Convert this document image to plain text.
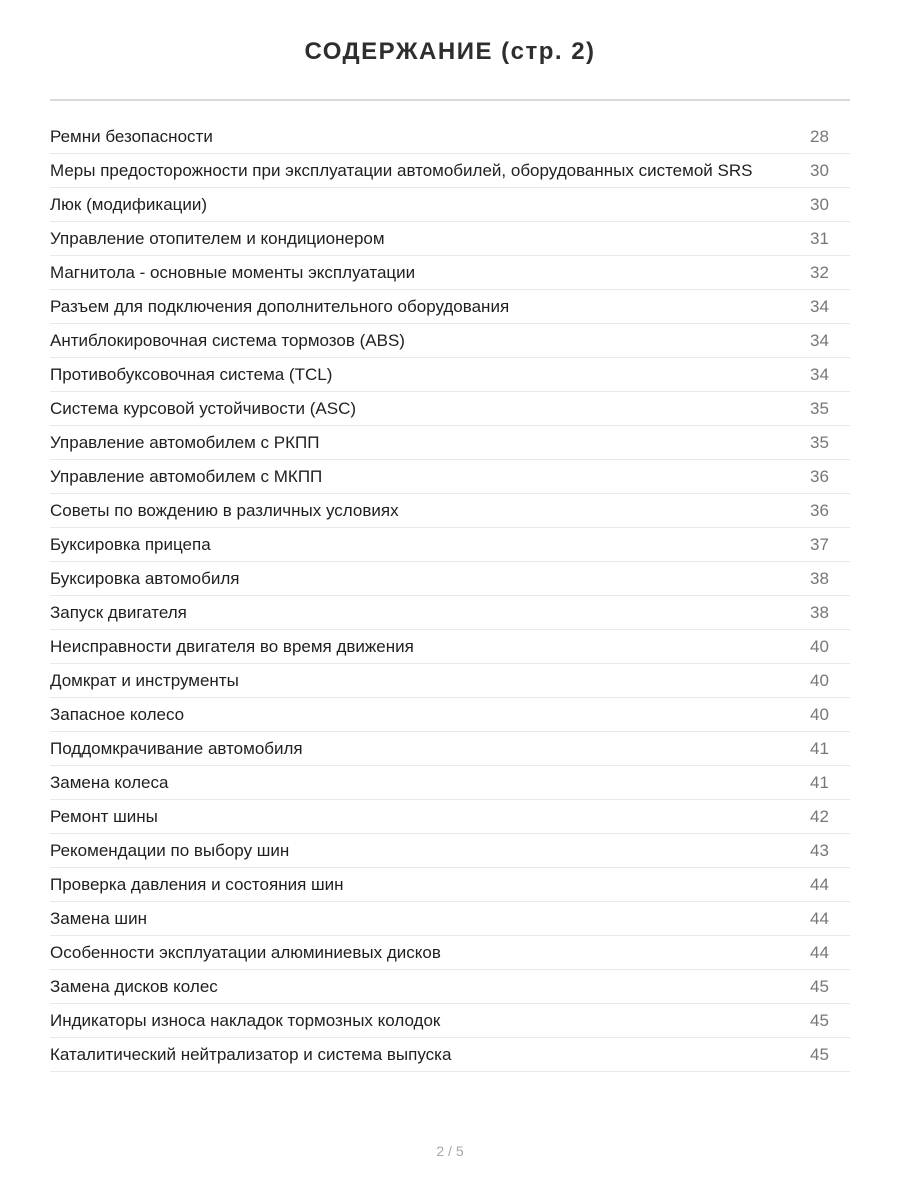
СОДЕРЖАНИЕ (стр. 2)
Ремни безопасности	28
Меры предосторожности при эксплуатации автомобилей, оборудованных системой SRS	30
Люк (модификации)	30
Управление отопителем и кондиционером	31
Магнитола - основные моменты эксплуатации	32
Разъем для подключения дополнительного оборудования	34
Антиблокировочная система тормозов (ABS)	34
Противобуксовочная система (TCL)	34
Система курсовой устойчивости (ASC)	35
Управление автомобилем с РКПП	35
Управление автомобилем с МКПП	36
Советы по вождению в различных условиях	36
Буксировка прицепа	37
Буксировка автомобиля	38
Запуск двигателя	38
Неисправности двигателя во время движения	40
Домкрат и инструменты	40
Запасное колесо	40
Поддомкрачивание автомобиля	41
Замена колеса	41
Ремонт шины	42
Рекомендации по выбору шин	43
Проверка давления и состояния шин	44
Замена шин	44
Особенности эксплуатации алюминиевых дисков	44
Замена дисков колес	45
Индикаторы износа накладок тормозных колодок	45
Каталитический нейтрализатор и система выпуска	45
2 / 5
